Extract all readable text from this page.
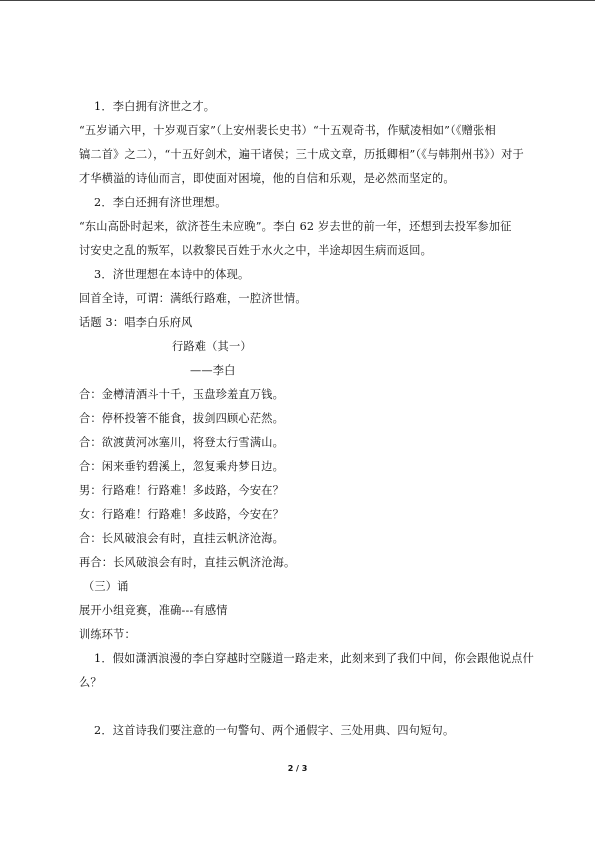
1．李白拥有济世之才。
“五岁诵六甲，十岁观百家”（上安州裴长史书）“十五观奇书，作赋凌相如”（《赠张相
镐二首》之二），“十五好剑术，遍干诸侯；三十成文章，历抵卿相”（《与韩荆州书》）对于
才华横溢的诗仙而言，即使面对困境，他的自信和乐观，是必然而坚定的。
2．李白还拥有济世理想。
“东山高卧时起来，欲济苍生未应晚”。李白 62 岁去世的前一年，还想到去投军参加征
讨安史之乱的叛军，以救黎民百姓于水火之中，半途却因生病而返回。
3．济世理想在本诗中的体现。
回首全诗，可谓：满纸行路难，一腔济世情。
话题 3：唱李白乐府风
行路难（其一）
——李白
合：金樽清酒斗十千，玉盘珍羞直万钱。
合：停杯投箸不能食，拔剑四顾心茫然。
合：欲渡黄河冰塞川，将登太行雪满山。
合：闲来垂钓碧溪上，忽复乘舟梦日边。
男：行路难！行路难！多歧路，今安在？
女：行路难！行路难！多歧路，今安在？
合：长风破浪会有时，直挂云帆济沧海。
再合：长风破浪会有时，直挂云帆济沧海。
（三）诵
展开小组竞赛，准确---有感情
训练环节：
1．假如潇洒浪漫的李白穿越时空隧道一路走来，此刻来到了我们中间，你会跟他说点什
么？
2．这首诗我们要注意的一句警句、两个通假字、三处用典、四句短句。
2 / 3
